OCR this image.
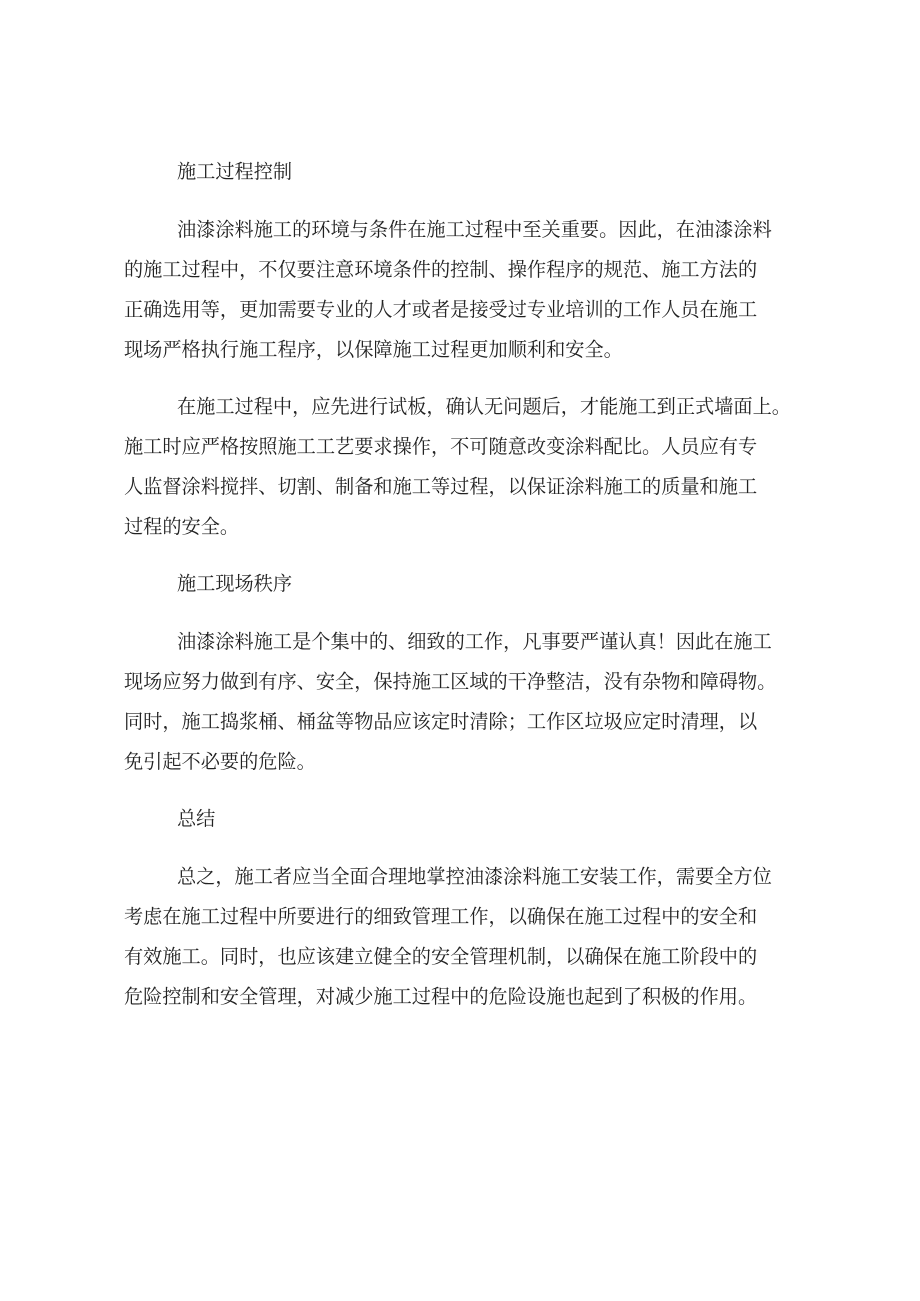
施工过程控制
油漆涂料施工的环境与条件在施工过程中至关重要。因此，在油漆涂料
的施工过程中，不仅要注意环境条件的控制、操作程序的规范、施工方法的
正确选用等，更加需要专业的人才或者是接受过专业培训的工作人员在施工
现场严格执行施工程序，以保障施工过程更加顺利和安全。
在施工过程中，应先进行试板，确认无问题后，才能施工到正式墙面上。
施工时应严格按照施工工艺要求操作，不可随意改变涂料配比。人员应有专
人监督涂料搅拌、切割、制备和施工等过程，以保证涂料施工的质量和施工
过程的安全。
施工现场秩序
油漆涂料施工是个集中的、细致的工作，凡事要严谨认真！因此在施工
现场应努力做到有序、安全，保持施工区域的干净整洁，没有杂物和障碍物。
同时，施工捣浆桶、桶盆等物品应该定时清除；工作区垃圾应定时清理，以
免引起不必要的危险。
总结
总之，施工者应当全面合理地掌控油漆涂料施工安装工作，需要全方位
考虑在施工过程中所要进行的细致管理工作，以确保在施工过程中的安全和
有效施工。同时，也应该建立健全的安全管理机制，以确保在施工阶段中的
危险控制和安全管理，对减少施工过程中的危险设施也起到了积极的作用。
